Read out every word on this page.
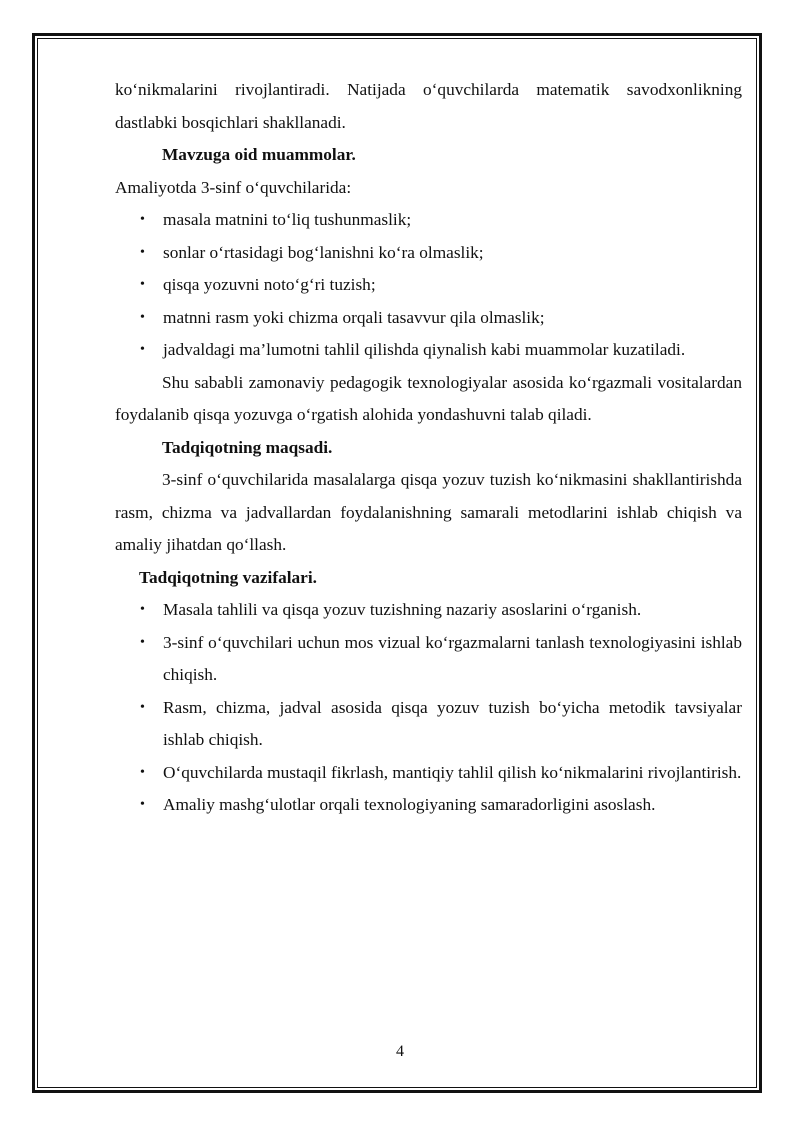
ko‘nikmalarini rivojlantiradi. Natijada o‘quvchilarda matematik savodxonlikning dastlabki bosqichlari shakllanadi.

Mavzuga oid muammolar.

Amaliyotda 3-sinf o‘quvchilarida:

• masala matnini to‘liq tushunmaslik;
• sonlar o‘rtasidagi bog‘lanishni ko‘ra olmaslik;
• qisqa yozuvni noto‘g‘ri tuzish;
• matnni rasm yoki chizma orqali tasavvur qila olmaslik;
• jadvaldagi ma’lumotni tahlil qilishda qiynalish kabi muammolar kuzatiladi.

Shu sababli zamonaviy pedagogik texnologiyalar asosida ko‘rgazmali vositalardan foydalanib qisqa yozuvga o‘rgatish alohida yondashuvni talab qiladi.

Tadqiqotning maqsadi.

3-sinf o‘quvchilarida masalalarga qisqa yozuv tuzish ko‘nikmasini shakllantirishda rasm, chizma va jadvallardan foydalanishning samarali metodlarini ishlab chiqish va amaliy jihatdan qo‘llash.

Tadqiqotning vazifalari.

• Masala tahlili va qisqa yozuv tuzishning nazariy asoslarini o‘rganish.
• 3-sinf o‘quvchilari uchun mos vizual ko‘rgazmalarni tanlash texnologiyasini ishlab chiqish.
• Rasm, chizma, jadval asosida qisqa yozuv tuzish bo‘yicha metodik tavsiyalar ishlab chiqish.
• O‘quvchilarda mustaqil fikrlash, mantiqiy tahlil qilish ko‘nikmalarini rivojlantirish.
• Amaliy mashg‘ulotlar orqali texnologiyaning samaradorligini asoslash.
4
